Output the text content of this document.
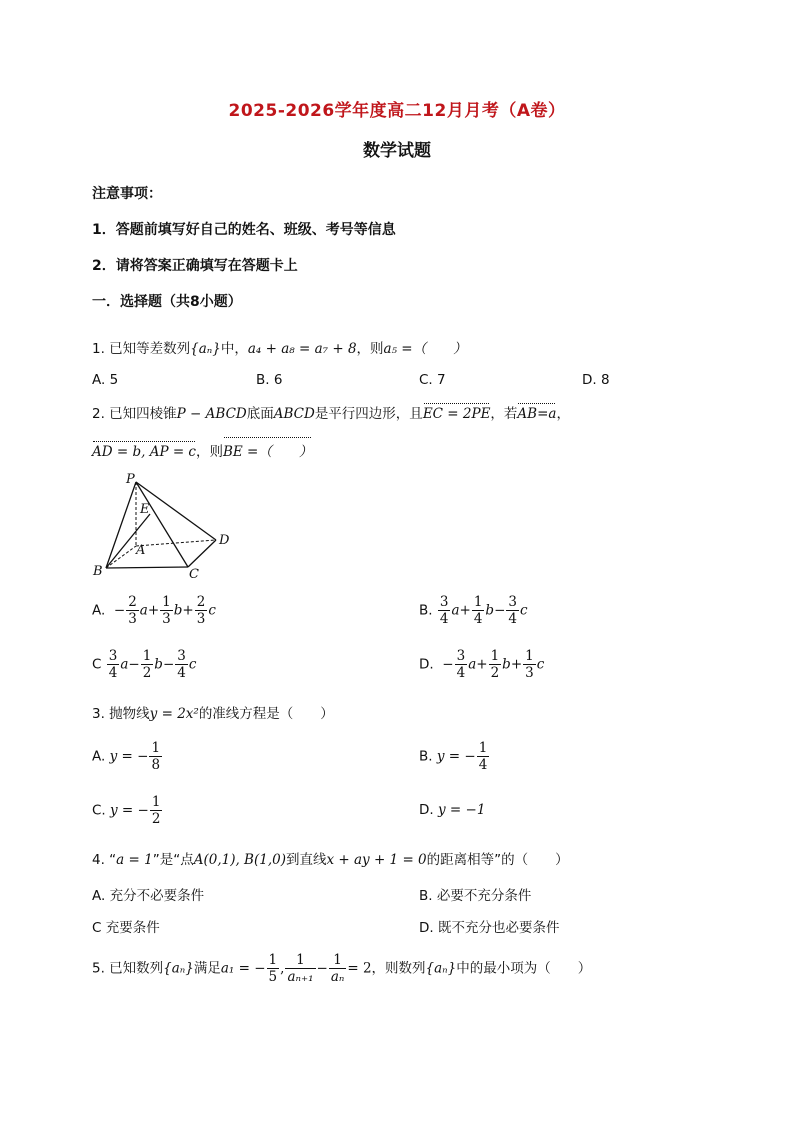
2025-2026学年度高二12月月考（A卷）
数学试题
注意事项：
1．答题前填写好自己的姓名、班级、考号等信息
2．请将答案正确填写在答题卡上
一．选择题（共8小题）
1. 已知等差数列{aₙ}中，a₄ + a₈ = a₇ + 8，则a₅ =（　　）
A. 5	B. 6	C. 7	D. 8
2. 已知四棱锥P − ABCD底面ABCD是平行四边形，且EC = 2PE，若AB=a，
AD = b, AP = c，则BE =（　　）
P
E
A
D
B	C
A.  − $\frac{2}{3} a+ \frac{1}{3} b+ \frac{2}{3}$ c	B. $\frac{3}{4} a+ \frac{1}{4} b- \frac{3}{4}$ c
C $\frac{3}{4} a- \frac{1}{2} b- \frac{3}{4}$ c	D.  − $\frac{3}{4} a+ \frac{1}{2} b+ \frac{1}{3}$ c
3. 抛物线y = 2x²的准线方程是（　　）
A. y = − $\frac{1}{8}$	B. y = − $\frac{1}{4}$
C. y = − $\frac{1}{2}$	D. y = −1
4. “a = 1”是“点A(0,1), B(1,0)到直线x + ay + 1 = 0的距离相等”的（　　）
A. 充分不必要条件	B. 必要不充分条件
C 充要条件	D. 既不充分也必要条件
5. 已知数列{aₙ}满足a₁ = − $\frac{1}{5}$ , $\frac{1}{\text{aₙ₊₁}} - \frac{1}{\text{aₙ}} = 2$，则数列{aₙ}中的最小项为（　　）
